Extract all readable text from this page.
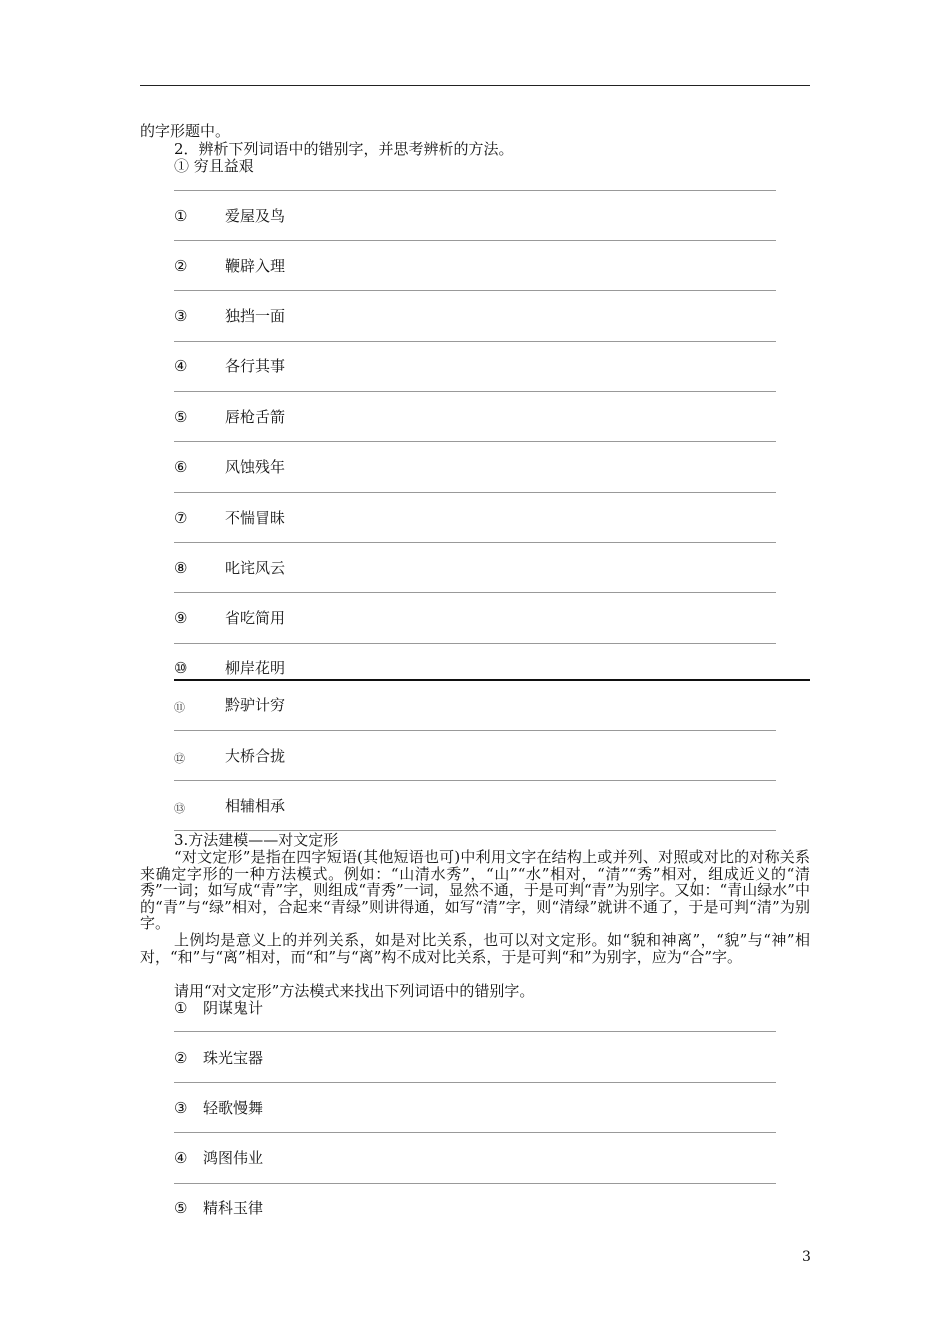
的字形题中。
2．辨析下列词语中的错别字，并思考辨析的方法。
① 穷且益艰
①	爱屋及鸟
②	鞭辟入理
③	独挡一面
④	各行其事
⑤	唇枪舌箭
⑥	风蚀残年
⑦	不惴冒昧
⑧	叱诧风云
⑨	省吃简用
⑩	柳岸花明
⑪	黔驴计穷
⑫	大桥合拢
⑬	相辅相承
3.方法建模——对文定形
“对文定形”是指在四字短语(其他短语也可)中利用文字在结构上或并列、对照或对比的对称关系来确定字形的一种方法模式。例如：“山清水秀”，“山”“水”相对，“清”“秀”相对，组成近义的“清秀”一词；如写成“青”字，则组成“青秀”一词，显然不通，于是可判“青”为别字。又如：“青山绿水”中的“青”与“绿”相对，合起来“青绿”则讲得通，如写“清”字，则“清绿”就讲不通了，于是可判“清”为别字。
上例均是意义上的并列关系，如是对比关系，也可以对文定形。如“貌和神离”，“貌”与“神”相对，“和”与“离”相对，而“和”与“离”构不成对比关系，于是可判“和”为别字，应为“合”字。
请用“对文定形”方法模式来找出下列词语中的错别字。
① 阴谋鬼计
② 珠光宝器
③ 轻歌慢舞
④ 鸿图伟业
⑤ 精科玉律
3
